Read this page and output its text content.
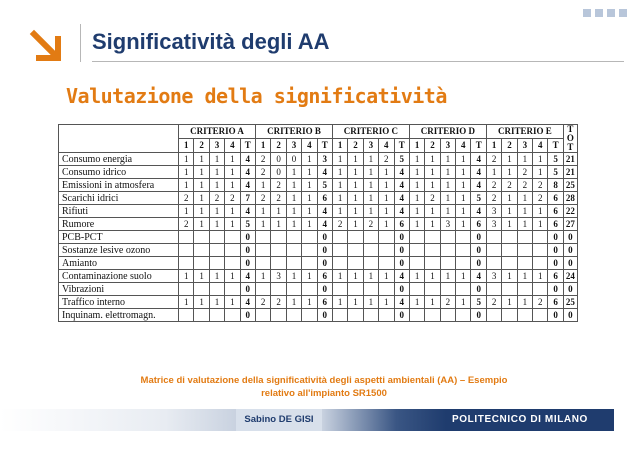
Significatività degli AA
Valutazione della significatività
	CRITERIO A					CRITERIO B					CRITERIO C					CRITERIO D					CRITERIO E					T O T
	1	2	3	4	T	1	2	3	4	T	1	2	3	4	T	1	2	3	4	T	1	2	3	4	T	
Consumo energia	1	1	1	1	4	2	0	0	1	3	1	1	1	2	5	1	1	1	1	4	2	1	1	1	5	21
Consumo idrico	1	1	1	1	4	2	0	1	1	4	1	1	1	1	4	1	1	1	1	4	1	1	2	1	5	21
Emissioni in atmosfera	1	1	1	1	4	1	2	1	1	5	1	1	1	1	4	1	1	1	1	4	2	2	2	2	8	25
Scarichi idrici	2	1	2	2	7	2	2	1	1	6	1	1	1	1	4	1	2	1	1	5	2	1	1	2	6	28
Rifiuti	1	1	1	1	4	1	1	1	1	4	1	1	1	1	4	1	1	1	1	4	3	1	1	1	6	22
Rumore	2	1	1	1	5	1	1	1	1	4	2	1	2	1	6	1	1	3	1	6	3	1	1	1	6	27
PCB-PCT					0					0					0					0					0	0
Sostanze lesive ozono					0					0					0					0					0	0
Amianto					0					0					0					0					0	0
Contaminazione suolo	1	1	1	1	4	1	3	1	1	6	1	1	1	1	4	1	1	1	1	4	3	1	1	1	6	24
Vibrazioni					0					0					0					0					0	0
Traffico interno	1	1	1	1	4	2	2	1	1	6	1	1	1	1	4	1	1	2	1	5	2	1	1	2	6	25
Inquinam. elettromagn.					0					0					0					0					0	0
Matrice di valutazione della significatività degli aspetti ambientali (AA) – Esempio
relativo all'impianto SR1500
Sabino DE GISI	POLITECNICO DI MILANO
